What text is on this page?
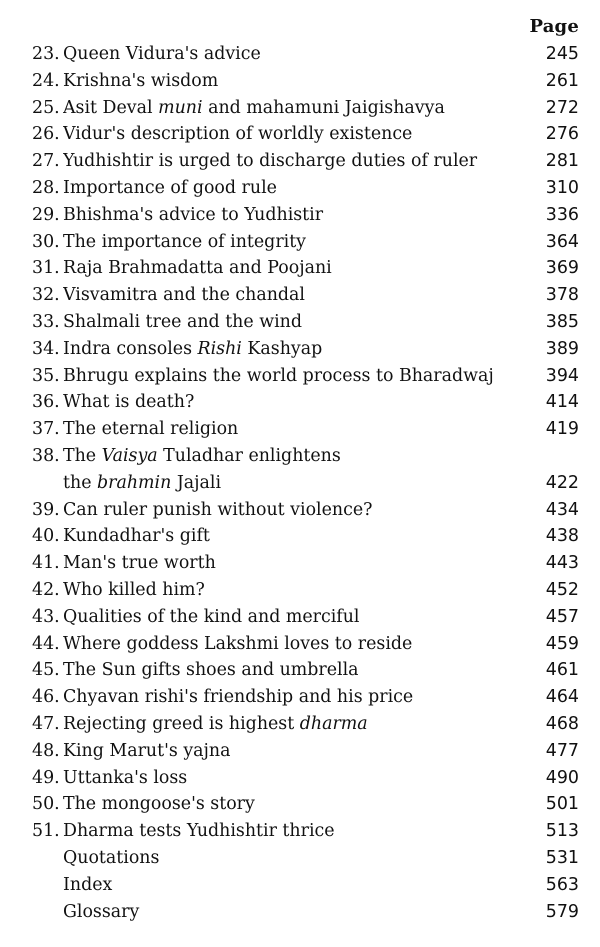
Page
23. Queen Vidura's advice	245
24. Krishna's wisdom	261
25. Asit Deval muni and mahamuni Jaigishavya	272
26. Vidur's description of worldly existence	276
27. Yudhishtir is urged to discharge duties of ruler	281
28. Importance of good rule	310
29. Bhishma's advice to Yudhistir	336
30. The importance of integrity	364
31. Raja Brahmadatta and Poojani	369
32. Visvamitra and the chandal	378
33. Shalmali tree and the wind	385
34. Indra consoles Rishi Kashyap	389
35. Bhrugu explains the world process to Bharadwaj	394
36. What is death?	414
37. The eternal religion	419
38. The Vaisya Tuladhar enlightens
the brahmin Jajali	422
39. Can ruler punish without violence?	434
40. Kundadhar's gift	438
41. Man's true worth	443
42. Who killed him?	452
43. Qualities of the kind and merciful	457
44. Where goddess Lakshmi loves to reside	459
45. The Sun gifts shoes and umbrella	461
46. Chyavan rishi's friendship and his price	464
47. Rejecting greed is highest dharma	468
48. King Marut's yajna	477
49. Uttanka's loss	490
50. The mongoose's story	501
51. Dharma tests Yudhishtir thrice	513
Quotations	531
Index	563
Glossary	579
